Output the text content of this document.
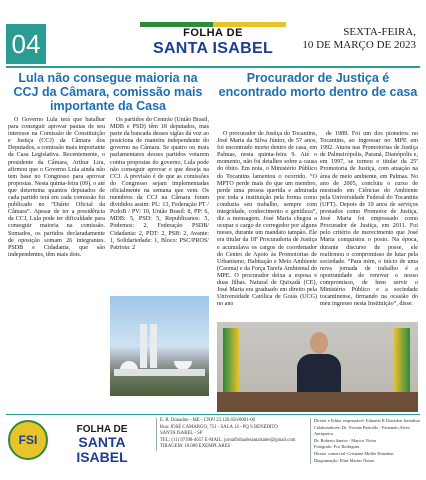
04	FOLHA DE
SANTA ISABEL
SEXTA-FEIRA,
10 DE MARÇO DE 2023
Lula não consegue maioria na CCJ da Câmara, comissão mais importante da Casa
Procurador de Justiça é encontrado morto dentro de casa

O Governo Lula terá que batalhar para conseguir aprovar pautas de seu interesse na Comissão de Constituição e Justiça (CCJ) da Câmara dos Deputados, a comissão mais importante da Casa Legislativa. Recentemente, o presidente da Câmara, Arthur Lira, afirmou que o Governo Lula ainda não tem base no Congresso para aprovar propostas. Nesta quinta-feira (09), o até que determina quantos deputados de cada partido terá em cada comissão foi publicado no “Diário Oficial da Câmara”. Apesar de ter a presidência da CCJ, Lula pode ter dificuldade para conseguir maioria na comissão. Somados, os partidos declaradamente de oposição somam 26 integrantes. PSDB e Cidadania, que são independentes, têm mais dois.

Os partidos do Centrão (União Brasil, MDB e PSD) têm 18 deputados, mas parte da bancada desses siglas dá voz ao posiciona de maneira independente do governo na Câmara. Se quatro ou mais parlamentares desses partidos votarem contra propostas do governo, Lula pode não conseguir aprovar o que deseja na CCJ. A previsão é de que as comissões do Congresso sejam implementadas oficialmente na semana que vem. Os membros da CCJ na Câmara foram divididos assim: PL: 13, Federação PT / PcdoB / PV: 10, União Brasil: 8, PP: 6, MDB: 5, PSD: 5, Republicanos: 5, Podemos: 2, Federação PSDB/ Cidadania: 2, PDT: 2, PSB: 2, Avante: 1, Solidariedade: 1, Bloco: PSC/PROS/ Patriota: 2

O procurador de Justiça do Tocantins, José Maria da Silva Júnior, de 57 anos, foi encontrado morto dentro de casa, em Palmas, nesta quinta-feira 9. Até o momento, não foi detalhes sobre a causa do óbito. Em nota, o Ministério Público do Tocantins lamentou o ocorrido. “O MPTO perde mais do que um membro, perde uma pessoa querida e admirada por toda a instituição pela forma como conduzia seu trabalho, sempre com integridade, conhecimento e gentileza”, diz a mensagem. José Maria chegou a ocupar o cargo de corregedor por alguns meses, durante um mandato tampão. Ele era titular da 18ª Procuradoria de Justiça e acumulava os cargos de coordenador do Centro de Apoio às Promotorias de Urbanismo, Habitação e Meio Ambiente (Caoma) e da Força Tarefa Ambiental do MPE. O procurador deixa a esposa e duas filhas. Natural de Quixadá (CE), José Maria era graduado em direito pela Universidade Católica de Goiás (UCG) no ano

de 1989. Foi um dos pioneiros no Tocantins, ao ingressar no MPE em 1992. Atuou nas Promotorias de Justiça de Palmeirópolis, Paranã, Dianópolis e, em 1997, se tornou o titular da 25ª Promotoria de Justiça, com atuação na área de meio ambiente, em Palmas. No ano de 2005, concluiu o curso de mestrado em Ciências do Ambiente pela Universidade Federal do Tocantins (UFT). Depois de 19 anos de serviços prestados como Promotor de Justiça, José Maria foi empossado como Procurador de Justiça, em 2011. Foi pelo critério de merecimento que José Maria conquistou o posto. Na época, durante discurso de posse, ele reafirmou o compromisso de lutar pela sociedade. “Para mim, o início de uma nova jornada de trabalho é a oportunidade de renovar o nosso compromisso, de bem servir o Ministério Público e a sociedade tocantinense, firmando na ocasião do meu ingresso nesta Instituição”, disse.

FSI
FOLHA DE
SANTA ISABEL
E. R. Donadon - ME - CNPJ 23.120.656/0001-00
Rua: JOSÉ CAMARGO, 751 - SALA 14 - PQ S BENEDITO
SANTA ISABEL - SP
TEL: (11) 97398-4657 E-MAIL: jornalfolhadesantaisabel@gmail.com
TIRAGEM: 10.000 EXEMPLARES
Diretor e Editor responsável: Eduardo R Donadon Jornalista
Colaboradores: Dr. Vicente Bertoldo - Fernando Alves Antiqueira
Dr. Roberto Santos - Marcos Vieira
Fotógrafo: Fco Rodrigues
Diretor comercial: Cristiane Muller Donadon
Diagramação: Elias Marins Nunes
